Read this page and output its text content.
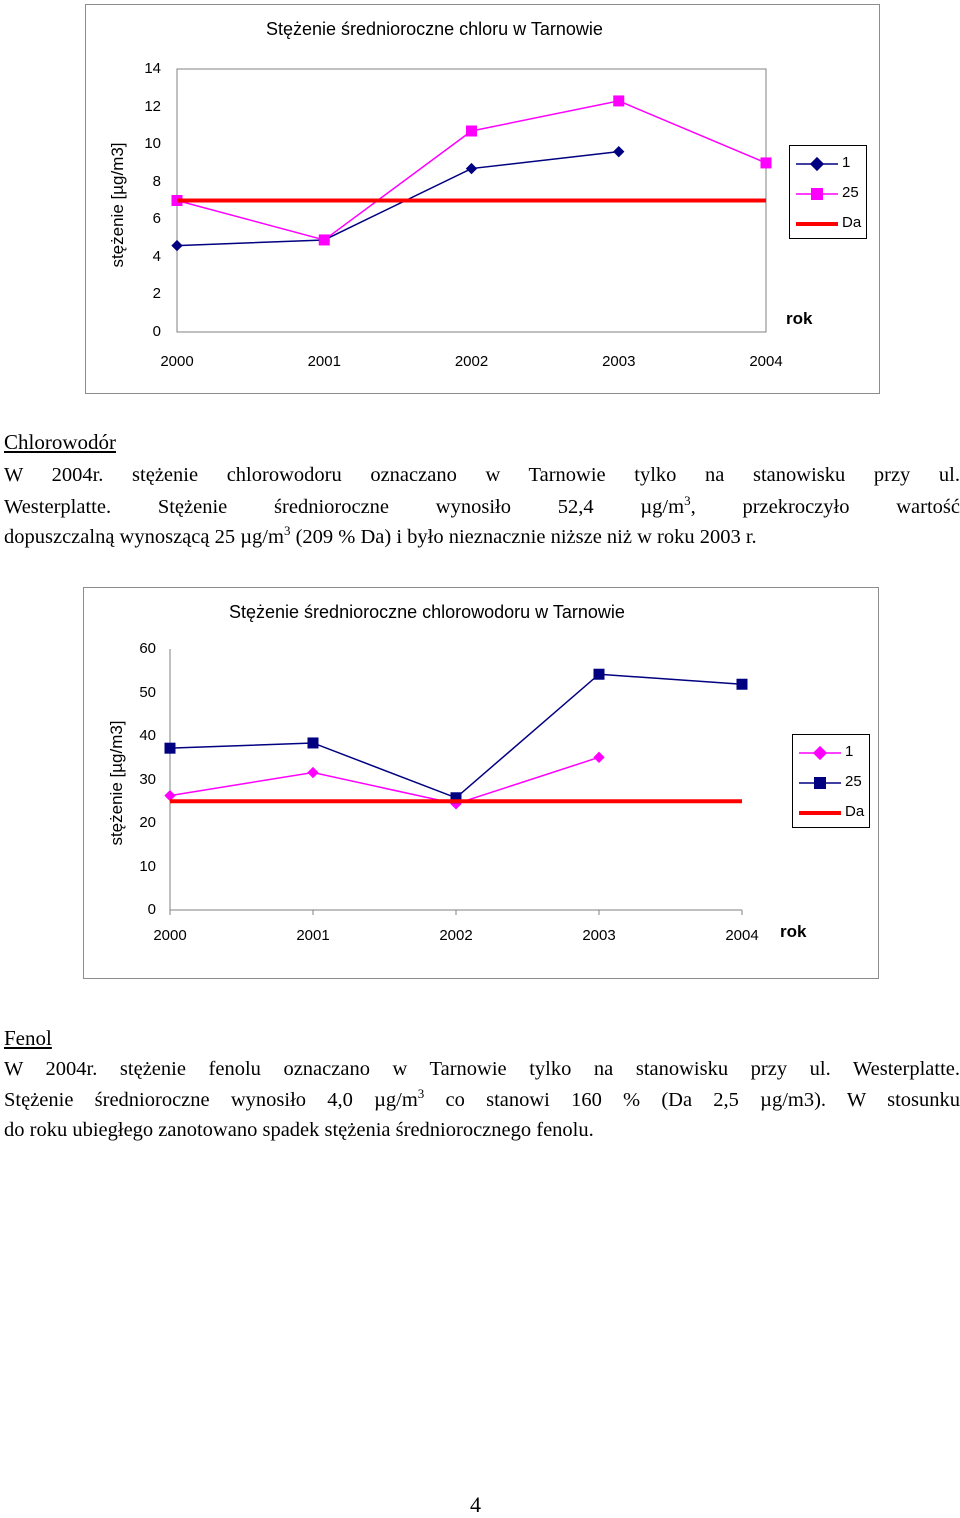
Stężenie średnioroczne chloru w Tarnowie
stężenie [µg/m3]
14
12
10
8
6
4
2
0
2000	2001	2002	2003	2004
rok
1
25
Da
Chlorowodór
W 2004r. stężenie chlorowodoru oznaczano w Tarnowie tylko na stanowisku przy ul.
Westerplatte. Stężenie średnioroczne wynosiło 52,4 $\mu g/m^3$, przekroczyło wartość
dopuszczalną wynoszącą 25 $\mu g/m^3$ (209 % Da) i było nieznacznie niższe niż w roku 2003 r.
Stężenie średnioroczne chlorowodoru w Tarnowie
stężenie [µg/m3]
60
50
40
30
20
10
0
2000	2001	2002	2003	2004	rok
1
25
Da
Fenol
W 2004r. stężenie fenolu oznaczano w Tarnowie tylko na stanowisku przy ul. Westerplatte.
Stężenie średnioroczne wynosiło 4,0 $\mu g/m^3$ co stanowi 160 % (Da 2,5 µg/m3). W stosunku
do roku ubiegłego zanotowano spadek stężenia średniorocznego fenolu.
4
